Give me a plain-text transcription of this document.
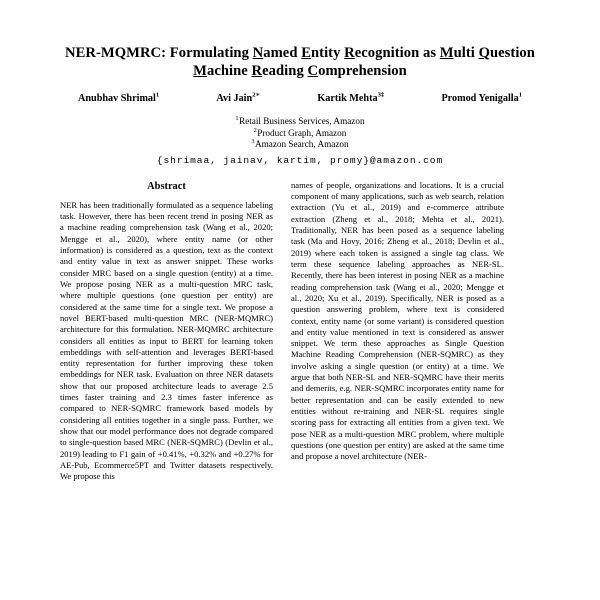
NER-MQMRC: Formulating Named Entity Recognition as Multi Question
Machine Reading Comprehension
Anubhav Shrimal$^1$	Avi Jain$^{2∗}$	Kartik Mehta$^{3\ddagger}$	Promod Yenigalla$^1$
$^1$Retail Business Services, Amazon
$^2$Product Graph, Amazon
$^3$Amazon Search, Amazon
{shrimaa, jainav, kartim, promy}@amazon.com
Abstract

NER has been traditionally formulated as a sequence labeling task. However, there has been recent trend in posing NER as a machine reading comprehension task (Wang et al., 2020; Mengge et al., 2020), where entity name (or other information) is considered as a question, text as the context and entity value in text as answer snippet. These works consider MRC based on a single question (entity) at a time. We propose posing NER as a multi-question MRC task, where multiple questions (one question per entity) are considered at the same time for a single text. We propose a novel BERT-based multi-question MRC (NER-MQMRC) architecture for this formulation. NER-MQMRC architecture considers all entities as input to BERT for learning token embeddings with self-attention and leverages BERT-based entity representation for further improving these token embeddings for NER task. Evaluation on three NER datasets show that our proposed architecture leads to average 2.5 times faster training and 2.3 times faster inference as compared to NER-SQMRC framework based models by considering all entities together in a single pass. Further, we show that our model performance does not degrade compared to single-question based MRC (NER-SQMRC) (Devlin et al., 2019) leading to F1 gain of +0.41%, +0.32% and +0.27% for AE-Pub, Ecommerce5PT and Twitter datasets respectively. We propose this

names of people, organizations and locations. It is a crucial component of many applications, such as web search, relation extraction (Yu et al., 2019) and e-commerce attribute extraction (Zheng et al., 2018; Mehta et al., 2021). Traditionally, NER has been posed as a sequence labeling task (Ma and Hovy, 2016; Zheng et al., 2018; Devlin et al., 2019) where each token is assigned a single tag class. We term these sequence labeling approaches as NER-SL. Recently, there has been interest in posing NER as a machine reading comprehension task (Wang et al., 2020; Mengge et al., 2020; Xu et al., 2019). Specifically, NER is posed as a question answering problem, where text is considered context, entity name (or some variant) is considered question and entity value mentioned in text is considered as answer snippet. We term these approaches as Single Question Machine Reading Comprehension (NER-SQMRC) as they involve asking a single question (or entity) at a time. We argue that both NER-SL and NER-SQMRC have their merits and demerits, e.g. NER-SQMRC incorporates entity name for better representation and can be easily extended to new entities without re-training and NER-SL requires single scoring pass for extracting all entities from a given text. We pose NER as a multi-question MRC problem, where multiple questions (one question per entity) are asked at the same time and propose a novel architecture (NER-
